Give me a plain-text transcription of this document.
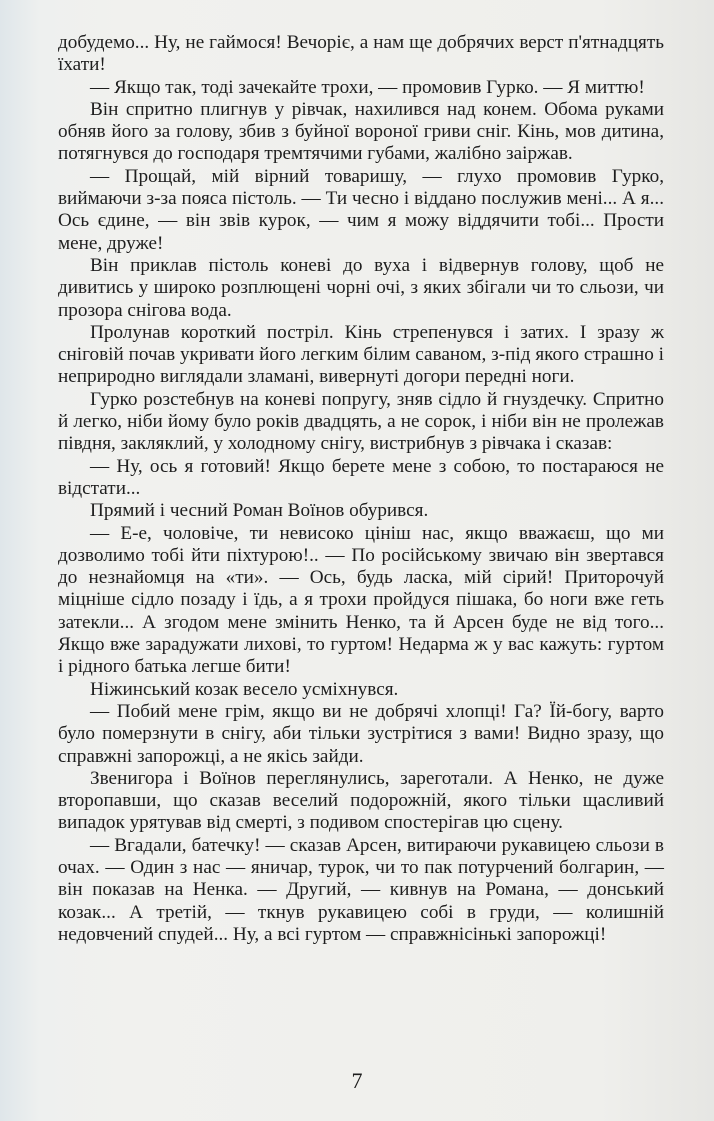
добудемо... Ну, не гаймося! Вечоріє, а нам ще добрячих верст п'ятнадцять їхати!

— Якщо так, тоді зачекайте трохи, — промовив Гурко. — Я миттю!

Він спритно плигнув у рівчак, нахилився над конем. Обома руками обняв його за голову, збив з буйної вороної гриви сніг. Кінь, мов дитина, потягнувся до господаря тремтячими губами, жалібно заіржав.

— Прощай, мій вірний товаришу, — глухо промовив Гурко, виймаючи з-за пояса пістоль. — Ти чесно і віддано послужив мені... А я... Ось єдине, — він звів курок, — чим я можу віддячити тобі... Прости мене, друже!

Він приклав пістоль коневі до вуха і відвернув голову, щоб не дивитись у широко розплющені чорні очі, з яких збігали чи то сльози, чи прозора снігова вода.

Пролунав короткий постріл. Кінь стрепенувся і затих. І зразу ж сніговій почав укривати його легким білим саваном, з-під якого страшно і неприродно виглядали зламані, вивернуті догори передні ноги.

Гурко розстебнув на коневі попругу, зняв сідло й гнуздечку. Спритно й легко, ніби йому було років двадцять, а не сорок, і ніби він не пролежав півдня, закляклий, у холодному снігу, вистрибнув з рівчака і сказав:

— Ну, ось я готовий! Якщо берете мене з собою, то постараюся не відстати...

Прямий і чесний Роман Воїнов обурився.

— Е-е, чоловіче, ти невисоко цініш нас, якщо вважаєш, що ми дозволимо тобі йти піхтурою!.. — По російському звичаю він звертався до незнайомця на «ти». — Ось, будь ласка, мій сірий! Приторочуй міцніше сідло позаду і їдь, а я трохи пройдуся пішака, бо ноги вже геть затекли... А згодом мене змінить Ненко, та й Арсен буде не від того... Якщо вже зарадужати лихові, то гуртом! Недарма ж у вас кажуть: гуртом і рідного батька легше бити!

Ніжинський козак весело усміхнувся.

— Побий мене грім, якщо ви не добрячі хлопці! Га? Їй-богу, варто було померзнути в снігу, аби тільки зустрітися з вами! Видно зразу, що справжні запорожці, а не якісь зайди.

Звенигора і Воїнов переглянулись, зареготали. А Ненко, не дуже второпавши, що сказав веселий подорожній, якого тільки щасливий випадок урятував від смерті, з подивом спостерігав цю сцену.

— Вгадали, батечку! — сказав Арсен, витираючи рукавицею сльози в очах. — Один з нас — яничар, турок, чи то пак потурчений болгарин, — він показав на Ненка. — Другий, — кивнув на Романа, — донський козак... А третій, — ткнув рукавицею собі в груди, — колишній недовчений спудей... Ну, а всі гуртом — справжнісінькі запорожці!

7
